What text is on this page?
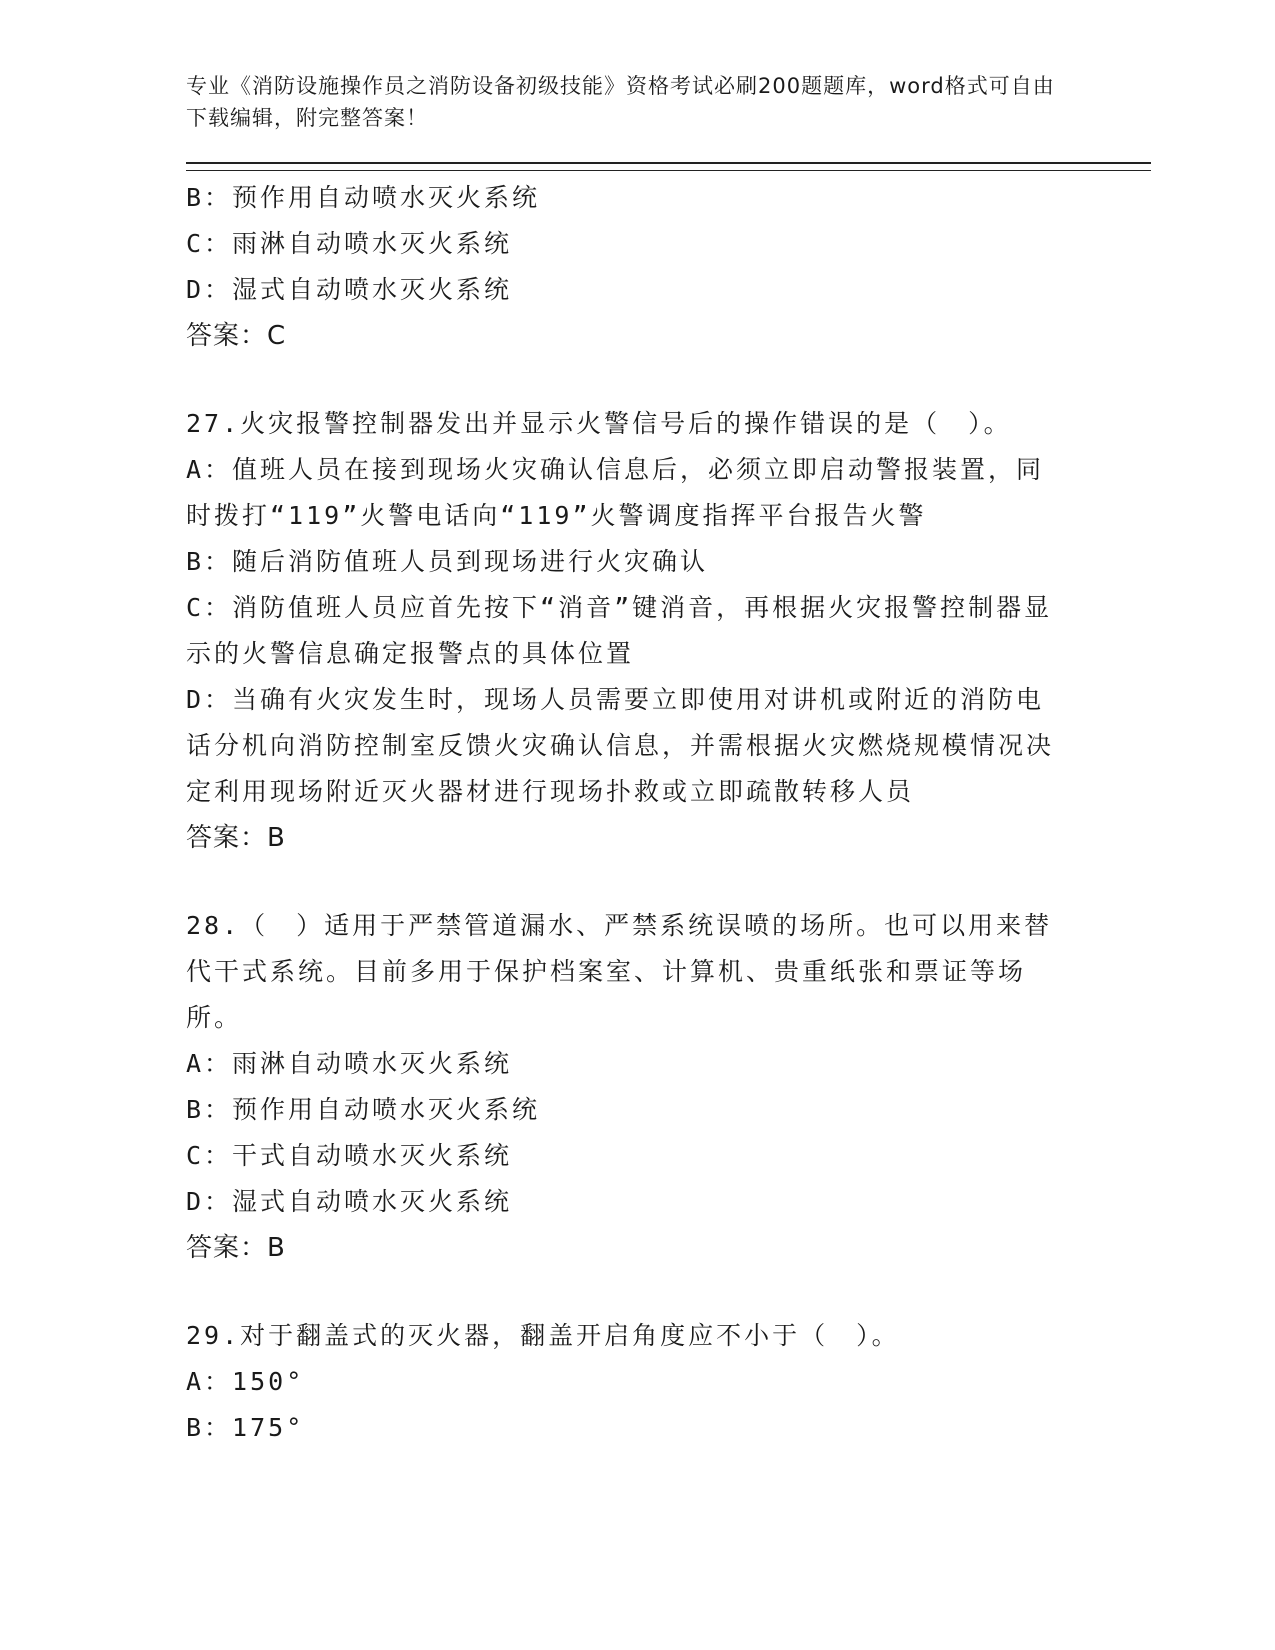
专业《消防设施操作员之消防设备初级技能》资格考试必刷200题题库，word格式可自由下载编辑，附完整答案！

B：预作用自动喷水灭火系统

C：雨淋自动喷水灭火系统

D：湿式自动喷水灭火系统

答案：C

27.火灾报警控制器发出并显示火警信号后的操作错误的是（　）。

A：值班人员在接到现场火灾确认信息后，必须立即启动警报装置，同时拨打“119”火警电话向“119”火警调度指挥平台报告火警

B：随后消防值班人员到现场进行火灾确认

C：消防值班人员应首先按下“消音”键消音，再根据火灾报警控制器显示的火警信息确定报警点的具体位置

D：当确有火灾发生时，现场人员需要立即使用对讲机或附近的消防电话分机向消防控制室反馈火灾确认信息，并需根据火灾燃烧规模情况决定利用现场附近灭火器材进行现场扑救或立即疏散转移人员

答案：B

28.（　）适用于严禁管道漏水、严禁系统误喷的场所。也可以用来替代干式系统。目前多用于保护档案室、计算机、贵重纸张和票证等场所。

A：雨淋自动喷水灭火系统

B：预作用自动喷水灭火系统

C：干式自动喷水灭火系统

D：湿式自动喷水灭火系统

答案：B

29.对于翻盖式的灭火器，翻盖开启角度应不小于（　）。

A：150°

B：175°
